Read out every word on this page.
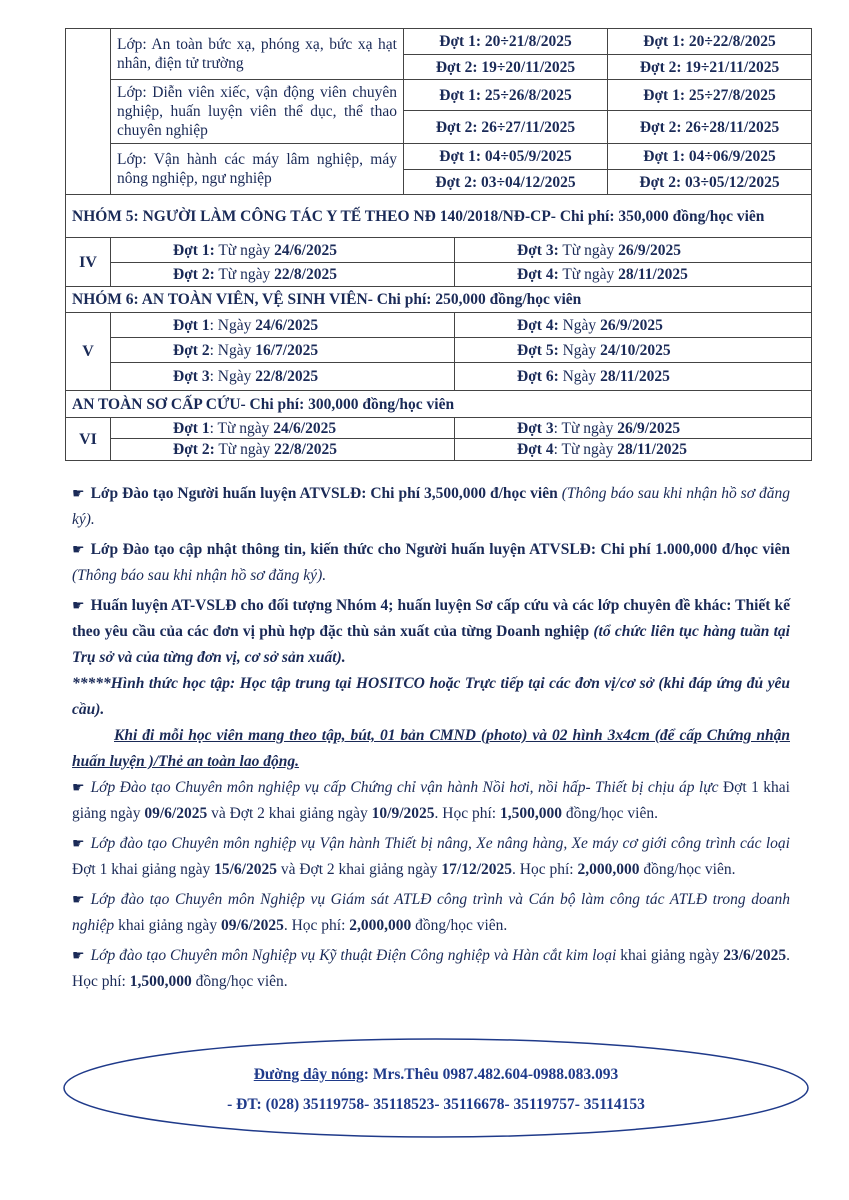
	Lớp: An toàn bức xạ, phóng xạ, bức xạ hạt nhân, điện tử trường	Đợt 1: 20÷21/8/2025		Đợt 1: 20÷22/8/2025
		Đợt 2: 19÷20/11/2025		Đợt 2: 19÷21/11/2025
	Lớp: Diễn viên xiếc, vận động viên chuyên nghiệp, huấn luyện viên thể dục, thể thao chuyên nghiệp	Đợt 1: 25÷26/8/2025		Đợt 1: 25÷27/8/2025
		Đợt 2: 26÷27/11/2025		Đợt 2: 26÷28/11/2025
	Lớp: Vận hành các máy lâm nghiệp, máy nông nghiệp, ngư nghiệp	Đợt 1: 04÷05/9/2025		Đợt 1: 04÷06/9/2025
		Đợt 2: 03÷04/12/2025		Đợt 2: 03÷05/12/2025
NHÓM 5: NGƯỜI LÀM CÔNG TÁC Y TẾ THEO NĐ 140/2018/NĐ-CP- Chi phí: 350,000 đồng/học viên				
IV	Đợt 1: Từ ngày 24/6/2025		Đợt 3: Từ ngày 26/9/2025	
	Đợt 2: Từ ngày 22/8/2025		Đợt 4: Từ ngày 28/11/2025	
NHÓM 6: AN TOÀN VIÊN, VỆ SINH VIÊN- Chi phí: 250,000 đồng/học viên				
V	Đợt 1: Ngày 24/6/2025		Đợt 4: Ngày 26/9/2025	
	Đợt 2: Ngày 16/7/2025		Đợt 5: Ngày 24/10/2025	
	Đợt 3: Ngày 22/8/2025		Đợt 6: Ngày 28/11/2025	
AN TOÀN SƠ CẤP CỨU- Chi phí: 300,000 đồng/học viên				
VI	Đợt 1: Từ ngày 24/6/2025		Đợt 3: Từ ngày 26/9/2025	
	Đợt 2: Từ ngày 22/8/2025		Đợt 4: Từ ngày 28/11/2025	

☛ Lớp Đào tạo Người huấn luyện ATVSLĐ: Chi phí 3,500,000 đ/học viên (Thông báo sau khi nhận hồ sơ đăng ký).

☛ Lớp Đào tạo cập nhật thông tin, kiến thức cho Người huấn luyện ATVSLĐ: Chi phí 1.000,000 đ/học viên (Thông báo sau khi nhận hồ sơ đăng ký).

☛ Huấn luyện AT-VSLĐ cho đối tượng Nhóm 4; huấn luyện Sơ cấp cứu và các lớp chuyên đề khác: Thiết kế theo yêu cầu của các đơn vị phù hợp đặc thù sản xuất của từng Doanh nghiệp (tổ chức liên tục hàng tuần tại Trụ sở và của từng đơn vị, cơ sở sản xuất).

*****Hình thức học tập: Học tập trung tại HOSITCO hoặc Trực tiếp tại các đơn vị/cơ sở (khi đáp ứng đủ yêu cầu).

Khi đi mỗi học viên mang theo tập, bút, 01 bản CMND (photo) và 02 hình 3x4cm (để cấp Chứng nhận huấn luyện )/Thẻ an toàn lao động.

☛ Lớp Đào tạo Chuyên môn nghiệp vụ cấp Chứng chỉ vận hành Nồi hơi, nồi hấp- Thiết bị chịu áp lực Đợt 1 khai giảng ngày 09/6/2025 và Đợt 2 khai giảng ngày 10/9/2025. Học phí: 1,500,000 đồng/học viên.

☛ Lớp đào tạo Chuyên môn nghiệp vụ Vận hành Thiết bị nâng, Xe nâng hàng, Xe máy cơ giới công trình các loại Đợt 1 khai giảng ngày 15/6/2025 và Đợt 2 khai giảng ngày 17/12/2025. Học phí: 2,000,000 đồng/học viên.

☛ Lớp đào tạo Chuyên môn Nghiệp vụ Giám sát ATLĐ công trình và Cán bộ làm công tác ATLĐ trong doanh nghiệp khai giảng ngày 09/6/2025. Học phí: 2,000,000 đồng/học viên.

☛ Lớp đào tạo Chuyên môn Nghiệp vụ Kỹ thuật Điện Công nghiệp và Hàn cắt kim loại khai giảng ngày 23/6/2025. Học phí: 1,500,000 đồng/học viên.

Đường dây nóng: Mrs.Thêu 0987.482.604-0988.083.093
- ĐT: (028) 35119758- 35118523- 35116678- 35119757- 35114153
